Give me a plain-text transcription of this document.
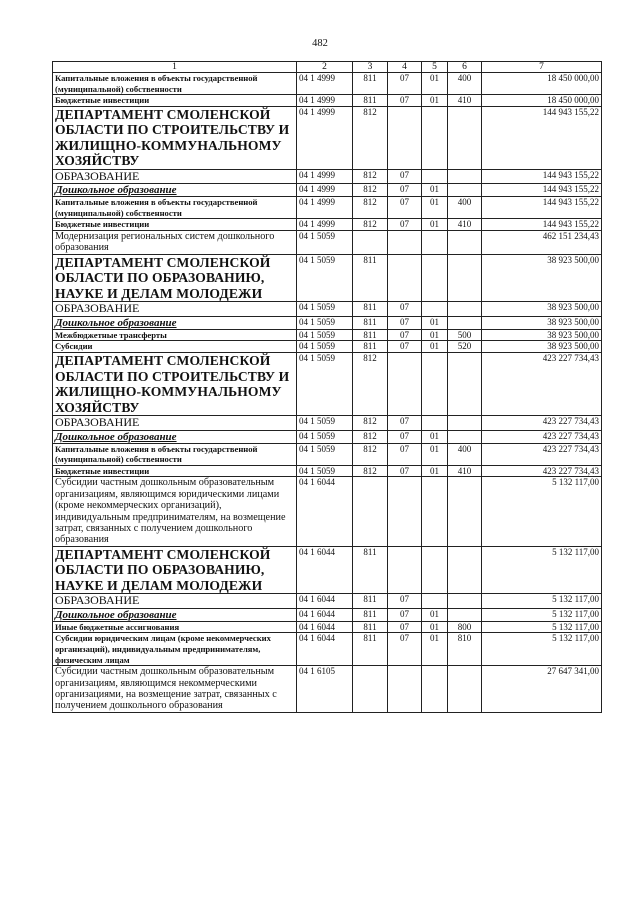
482
1	2	3	4	5	6	7
Капитальные вложения в объекты государственной (муниципальной) собственности	04 1 4999	811	07	01	400	18 450 000,00
Бюджетные инвестиции	04 1 4999	811	07	01	410	18 450 000,00
ДЕПАРТАМЕНТ СМОЛЕНСКОЙ ОБЛАСТИ ПО СТРОИТЕЛЬСТВУ И ЖИЛИЩНО-КОММУНАЛЬНОМУ ХОЗЯЙСТВУ	04 1 4999	812				144 943 155,22
ОБРАЗОВАНИЕ	04 1 4999	812	07			144 943 155,22
Дошкольное образование	04 1 4999	812	07	01		144 943 155,22
Капитальные вложения в объекты государственной (муниципальной) собственности	04 1 4999	812	07	01	400	144 943 155,22
Бюджетные инвестиции	04 1 4999	812	07	01	410	144 943 155,22
Модернизация региональных систем дошкольного образования	04 1 5059					462 151 234,43
ДЕПАРТАМЕНТ СМОЛЕНСКОЙ ОБЛАСТИ ПО ОБРАЗОВАНИЮ, НАУКЕ И ДЕЛАМ МОЛОДЕЖИ	04 1 5059	811				38 923 500,00
ОБРАЗОВАНИЕ	04 1 5059	811	07			38 923 500,00
Дошкольное образование	04 1 5059	811	07	01		38 923 500,00
Межбюджетные трансферты	04 1 5059	811	07	01	500	38 923 500,00
Субсидии	04 1 5059	811	07	01	520	38 923 500,00
ДЕПАРТАМЕНТ СМОЛЕНСКОЙ ОБЛАСТИ ПО СТРОИТЕЛЬСТВУ И ЖИЛИЩНО-КОММУНАЛЬНОМУ ХОЗЯЙСТВУ	04 1 5059	812				423 227 734,43
ОБРАЗОВАНИЕ	04 1 5059	812	07			423 227 734,43
Дошкольное образование	04 1 5059	812	07	01		423 227 734,43
Капитальные вложения в объекты государственной (муниципальной) собственности	04 1 5059	812	07	01	400	423 227 734,43
Бюджетные инвестиции	04 1 5059	812	07	01	410	423 227 734,43
Субсидии частным дошкольным образовательным организациям, являющимся юридическими лицами (кроме некоммерческих организаций), индивидуальным предпринимателям, на возмещение затрат, связанных с получением дошкольного образования	04 1 6044					5 132 117,00
ДЕПАРТАМЕНТ СМОЛЕНСКОЙ ОБЛАСТИ ПО ОБРАЗОВАНИЮ, НАУКЕ И ДЕЛАМ МОЛОДЕЖИ	04 1 6044	811				5 132 117,00
ОБРАЗОВАНИЕ	04 1 6044	811	07			5 132 117,00
Дошкольное образование	04 1 6044	811	07	01		5 132 117,00
Иные бюджетные ассигнования	04 1 6044	811	07	01	800	5 132 117,00
Субсидии юридическим лицам (кроме некоммерческих организаций), индивидуальным предпринимателям, физическим лицам	04 1 6044	811	07	01	810	5 132 117,00
Субсидии частным дошкольным образовательным организациям, являющимся некоммерческими организациями, на возмещение затрат, связанных с получением дошкольного образования	04 1 6105					27 647 341,00
